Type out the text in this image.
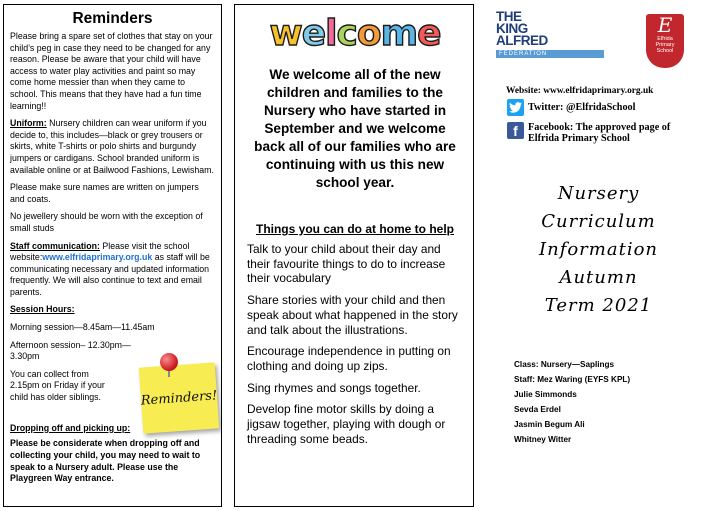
Reminders

Please bring a spare set of clothes that stay on your child’s peg in case they need to be changed for any reason. Please be aware that your child will have access to water play activities and paint so may come home messier than when they came to school. This means that they have had a fun time learning!!

Uniform: Nursery children can wear uniform if you decide to, this includes—black or grey trousers or skirts, white T-shirts or polo shirts and burgundy jumpers or cardigans. School branded uniform is available online or at Bailwood Fashions, Lewisham.

Please make sure names are written on jumpers and coats.

No jewellery should be worn with the exception of small studs

Staff communication: Please visit the school website:www.elfridaprimary.org.uk as staff will be communicating necessary and updated information frequently. We will also continue to text and email parents.

Session Hours:

Morning session—8.45am—11.45am

Afternoon session– 12.30pm—3.30pm

You can collect from 2.15pm on Friday if your child has older siblings.	Reminders!

Dropping off and picking up:

Please be considerate when dropping off and collecting your child, you may need to wait to speak to a Nursery adult. Please use the Playgreen Way entrance.

w e l c o m e

We welcome all of the new children and families to the Nursery who have started in September and we welcome back all of our families who are continuing with us this new school year.

Things you can do at home to help

Talk to your child about their day and their favourite things to do to increase their vocabulary

Share stories with your child and then speak about what happened in the story and talk about the illustrations.

Encourage independence in putting on clothing and doing up zips.

Sing rhymes and songs together.

Develop fine motor skills by doing a jigsaw together, playing with dough or threading some beads.

THE
KING
ALFRED
FEDERATION
E
Elfrida
Primary
School
Website: www.elfridaprimary.org.uk
Twitter: @ElfridaSchool
f Facebook: The approved page of Elfrida Primary School
Nursery
Curriculum
Information
Autumn
Term 2021
Class: Nursery—Saplings
Staff: Mez Waring (EYFS KPL)
Julie Simmonds
Sevda Erdel
Jasmin Begum Ali
Whitney Witter
